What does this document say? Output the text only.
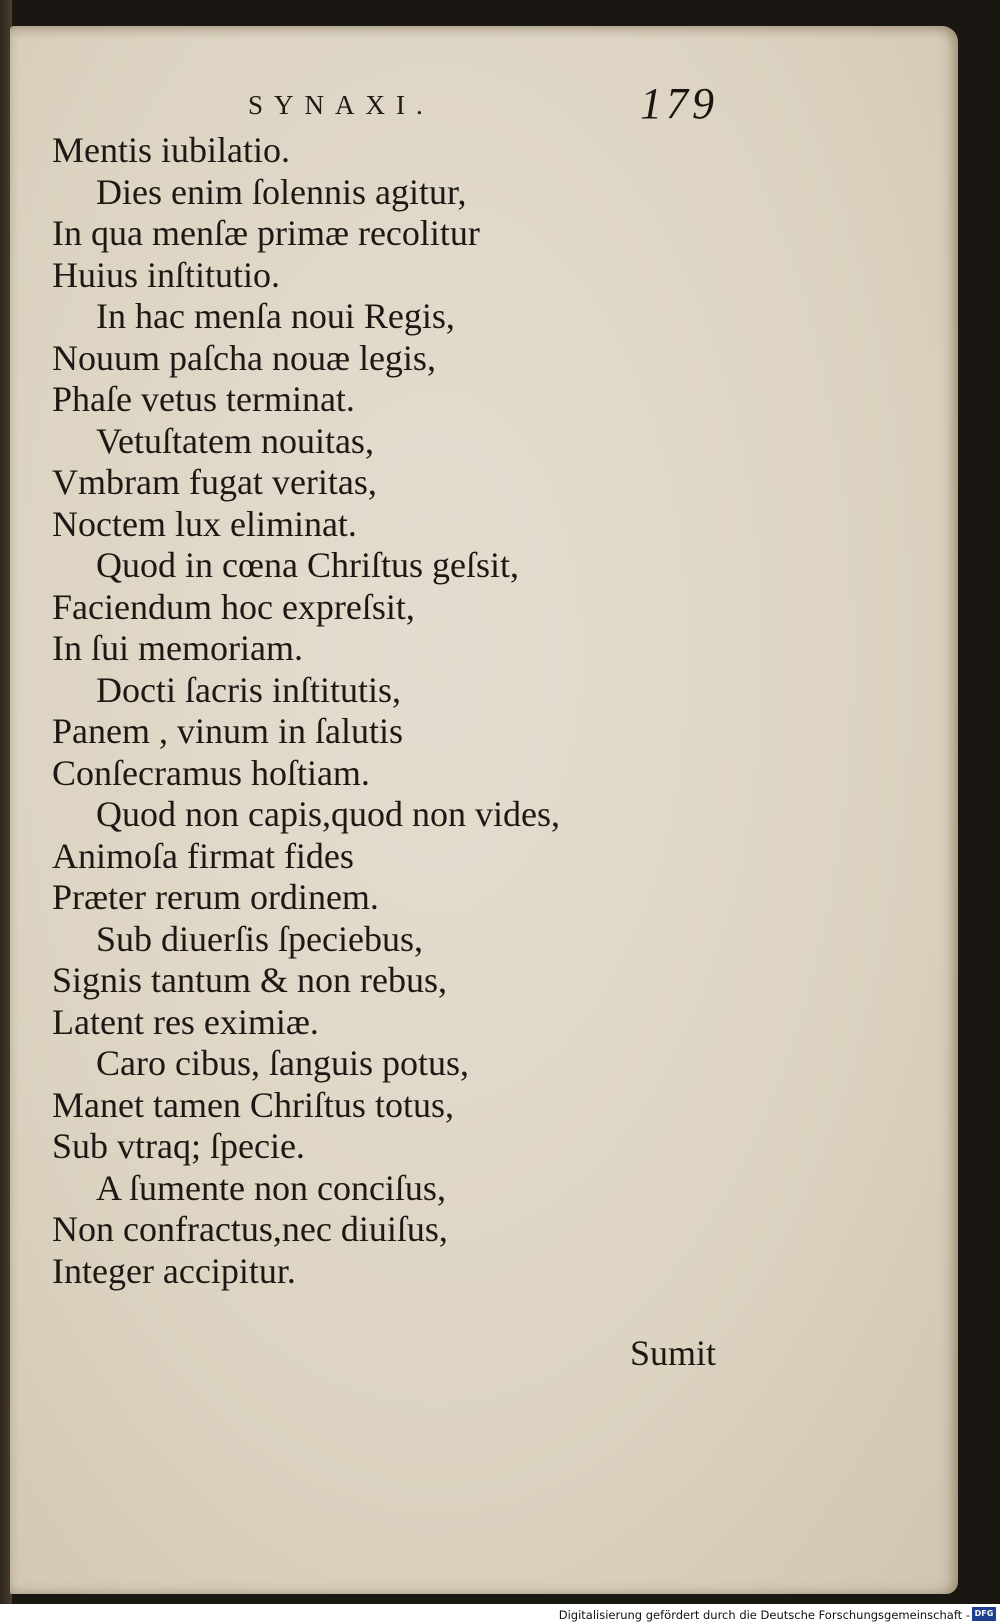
SYNAXI.	179
Mentis iubilatio.
Dies enim ſolennis agitur,
In qua menſæ primæ recolitur
Huius inſtitutio.
In hac menſa noui Regis,
Nouum paſcha nouæ legis,
Phaſe vetus terminat.
Vetuſtatem nouitas,
Vmbram fugat veritas,
Noctem lux eliminat.
Quod in cœna Chriſtus geſsit,
Faciendum hoc expreſsit,
In ſui memoriam.
Docti ſacris inſtitutis,
Panem , vinum in ſalutis
Conſecramus hoſtiam.
Quod non capis,quod non vides,
Animoſa firmat fides
Præter rerum ordinem.
Sub diuerſis ſpeciebus,
Signis tantum & non rebus,
Latent res eximiæ.
Caro cibus, ſanguis potus,
Manet tamen Chriſtus totus,
Sub vtraq; ſpecie.
A ſumente non conciſus,
Non confractus,nec diuiſus,
Integer accipitur.
Sumit
Digitalisierung gefördert durch die Deutsche Forschungsgemeinschaft - DFG
